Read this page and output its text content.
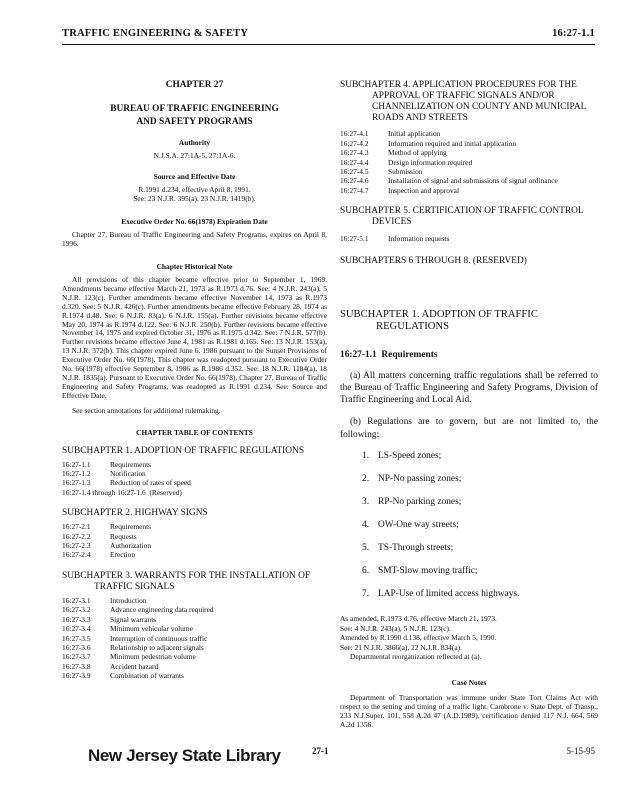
TRAFFIC ENGINEERING & SAFETY	16:27-1.1

CHAPTER 27

BUREAU OF TRAFFIC ENGINEERING

AND SAFETY PROGRAMS

Authority

N.J.S.A. 27:1A-5, 27:1A-6.

Source and Effective Date

R.1991 d.234, effective April 8, 1991.

See: 23 N.J.R. 395(a), 23 N.J.R. 1419(b).

Executive Order No. 66(1978) Expiration Date

Chapter 27, Bureau of Traffic Engineering and Safety Programs, expires on April 8, 1996.

Chapter Historical Note

All provisions of this chapter became effective prior to September 1, 1969. Amendments became effective March 21, 1973 as R.1973 d.76. See: 4 N.J.R. 243(a), 5 N.J.R. 123(c). Further amendments became effective November 14, 1973 as R.1973 d.320. See: 5 N.J.R. 426(c). Further amendments became effective February 28, 1974 as R.1974 d.48. See: 6 N.J.R. 83(a), 6 N.J.R. 155(a). Further revisions became effective May 20, 1974 as R.1974 d.122. See: 6 N.J.R. 250(b). Further revisions became effective November 14, 1975 and expired October 31, 1976 as R.1975 d.342. See: 7 N.J.R. 577(b). Further revisions became effective June 4, 1981 as R.1981 d.165. See: 13 N.J.R. 153(a), 13 N.J.R. 372(b). This chapter expired June 6, 1986 pursuant to the Sunset Provisions of Executive Order No. 66(1978). This chapter was readopted pursuant to Executive Order No. 66(1978) effective September 8, 1986 as R.1986 d.352. See: 18 N.J.R. 1184(a), 18 N.J.R. 1835(a). Pursuant to Executive Order No. 66(1978), Chapter 27, Bureau of Traffic Engineering and Safety Programs, was readopted as R.1991 d.234. See: Source and Effective Date.

See section annotations for additional rulemaking.

CHAPTER TABLE OF CONTENTS

SUBCHAPTER 1. ADOPTION OF TRAFFIC REGULATIONS

16:27-1.1	Requirements
16:27-1.2	Notification
16:27-1.3	Reduction of rates of speed

16:27-1.4 through 16:27-1.6 (Reserved)

SUBCHAPTER 2. HIGHWAY SIGNS

16:27-2.1	Requirements
16:27-2.2	Requests
16:27-2.3	Authorization
16:27-2.4	Erection

SUBCHAPTER 3. WARRANTS FOR THE INSTALLATION OF TRAFFIC SIGNALS

16:27-3.1	Introduction
16:27-3.2	Advance engineering data required
16:27-3.3	Signal warrants
16:27-3.4	Minimum vehicular volume
16:27-3.5	Interruption of continuous traffic
16:27-3.6	Relationship to adjacent signals
16:27-3.7	Minimum pedestrian volume
16:27-3.8	Accident hazard
16:27-3.9	Combination of warrants

SUBCHAPTER 4. APPLICATION PROCEDURES FOR THE APPROVAL OF TRAFFIC SIGNALS AND/OR CHANNELIZATION ON COUNTY AND MUNICIPAL ROADS AND STREETS

16:27-4.1	Initial application
16:27-4.2	Information required and initial application
16:27-4.3	Method of applying
16:27-4.4	Design information required
16:27-4.5	Submission
16:27-4.6	Installation of signal and submissions of signal ordinance
16:27-4.7	Inspection and approval

SUBCHAPTER 5. CERTIFICATION OF TRAFFIC CONTROL DEVICES

16:27-5.1	Information requests

SUBCHAPTERS 6 THROUGH 8. (RESERVED)

SUBCHAPTER 1. ADOPTION OF TRAFFIC REGULATIONS

16:27-1.1 Requirements

(a) All matters concerning traffic regulations shall be referred to the Bureau of Traffic Engineering and Safety Programs, Division of Traffic Engineering and Local Aid.

(b) Regulations are to govern, but are not limited to, the following:

1. LS-Speed zones;
2. NP-No passing zones;
3. RP-No parking zones;
4. OW-One way streets;
5. TS-Through streets;
6. SMT-Slow moving traffic;
7. LAP-Use of limited access highways.

As amended, R.1973 d.76, effective March 21, 1973.

See: 4 N.J.R. 243(a), 5 N.J.R. 123(c).

Amended by R.1990 d.138, effective March 5, 1990.

See: 21 N.J.R. 3866(a), 22 N.J.R. 834(a).

Departmental reorganization reflected at (a).

Case Notes

Department of Transportation was immune under State Tort Claims Act with respect to the setting and timing of a traffic light. Cambrone v. State Dept. of Transp., 233 N.J.Super. 101, 558 A.2d 47 (A.D.1989), certification denied 117 N.J. 664, 569 A.2d 1356.

New Jersey State Library	27-1	5-15-95
